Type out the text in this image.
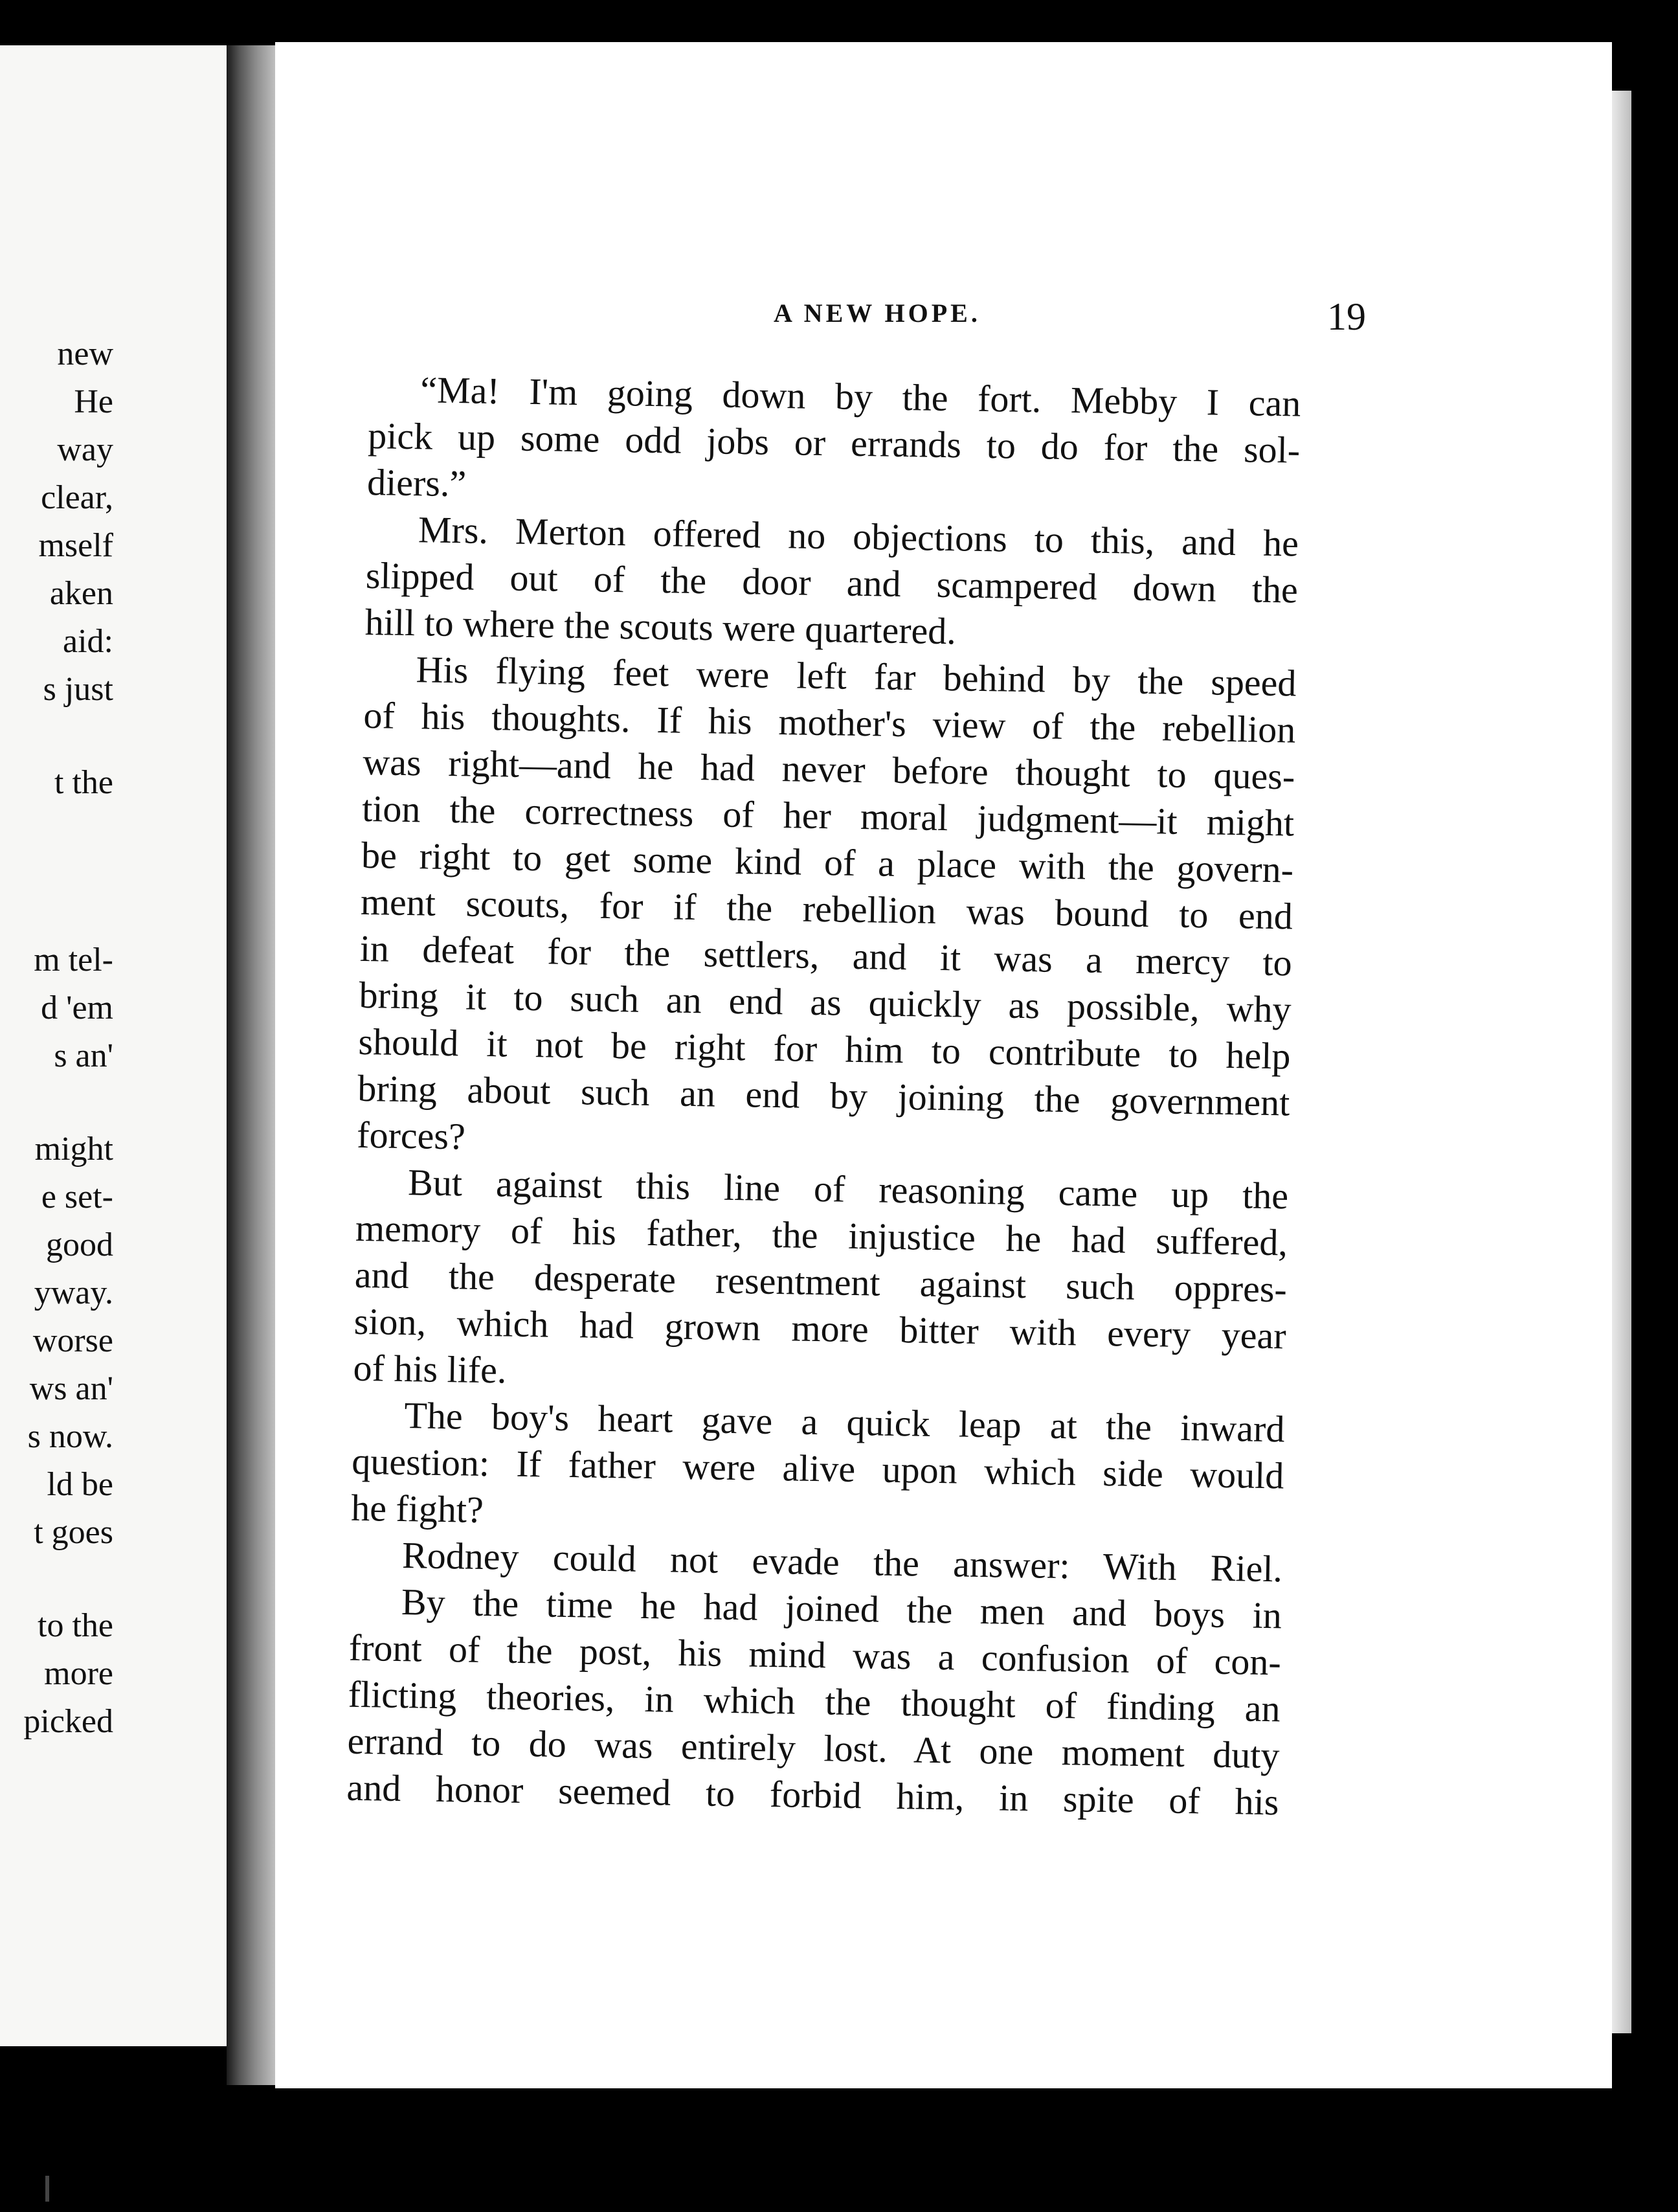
new
He
way
clear,
mself
aken
aid:
s just
t the
m tel-
d 'em
s an'
might
e set-
good
yway.
worse
ws an'
s now.
ld be
t goes
to the
more
picked
A NEW HOPE.	19

“Ma! I'm going down by the fort. Mebby I can
pick up some odd jobs or errands to do for the sol-
diers.”

Mrs. Merton offered no objections to this, and he
slipped out of the door and scampered down the
hill to where the scouts were quartered.

His flying feet were left far behind by the speed
of his thoughts. If his mother's view of the rebellion
was right—and he had never before thought to ques-
tion the correctness of her moral judgment—it might
be right to get some kind of a place with the govern-
ment scouts, for if the rebellion was bound to end
in defeat for the settlers, and it was a mercy to
bring it to such an end as quickly as possible, why
should it not be right for him to contribute to help
bring about such an end by joining the government
forces?

But against this line of reasoning came up the
memory of his father, the injustice he had suffered,
and the desperate resentment against such oppres-
sion, which had grown more bitter with every year
of his life.

The boy's heart gave a quick leap at the inward
question: If father were alive upon which side would
he fight?

Rodney could not evade the answer: With Riel.

By the time he had joined the men and boys in
front of the post, his mind was a confusion of con-
flicting theories, in which the thought of finding an
errand to do was entirely lost. At one moment duty
and honor seemed to forbid him, in spite of his
